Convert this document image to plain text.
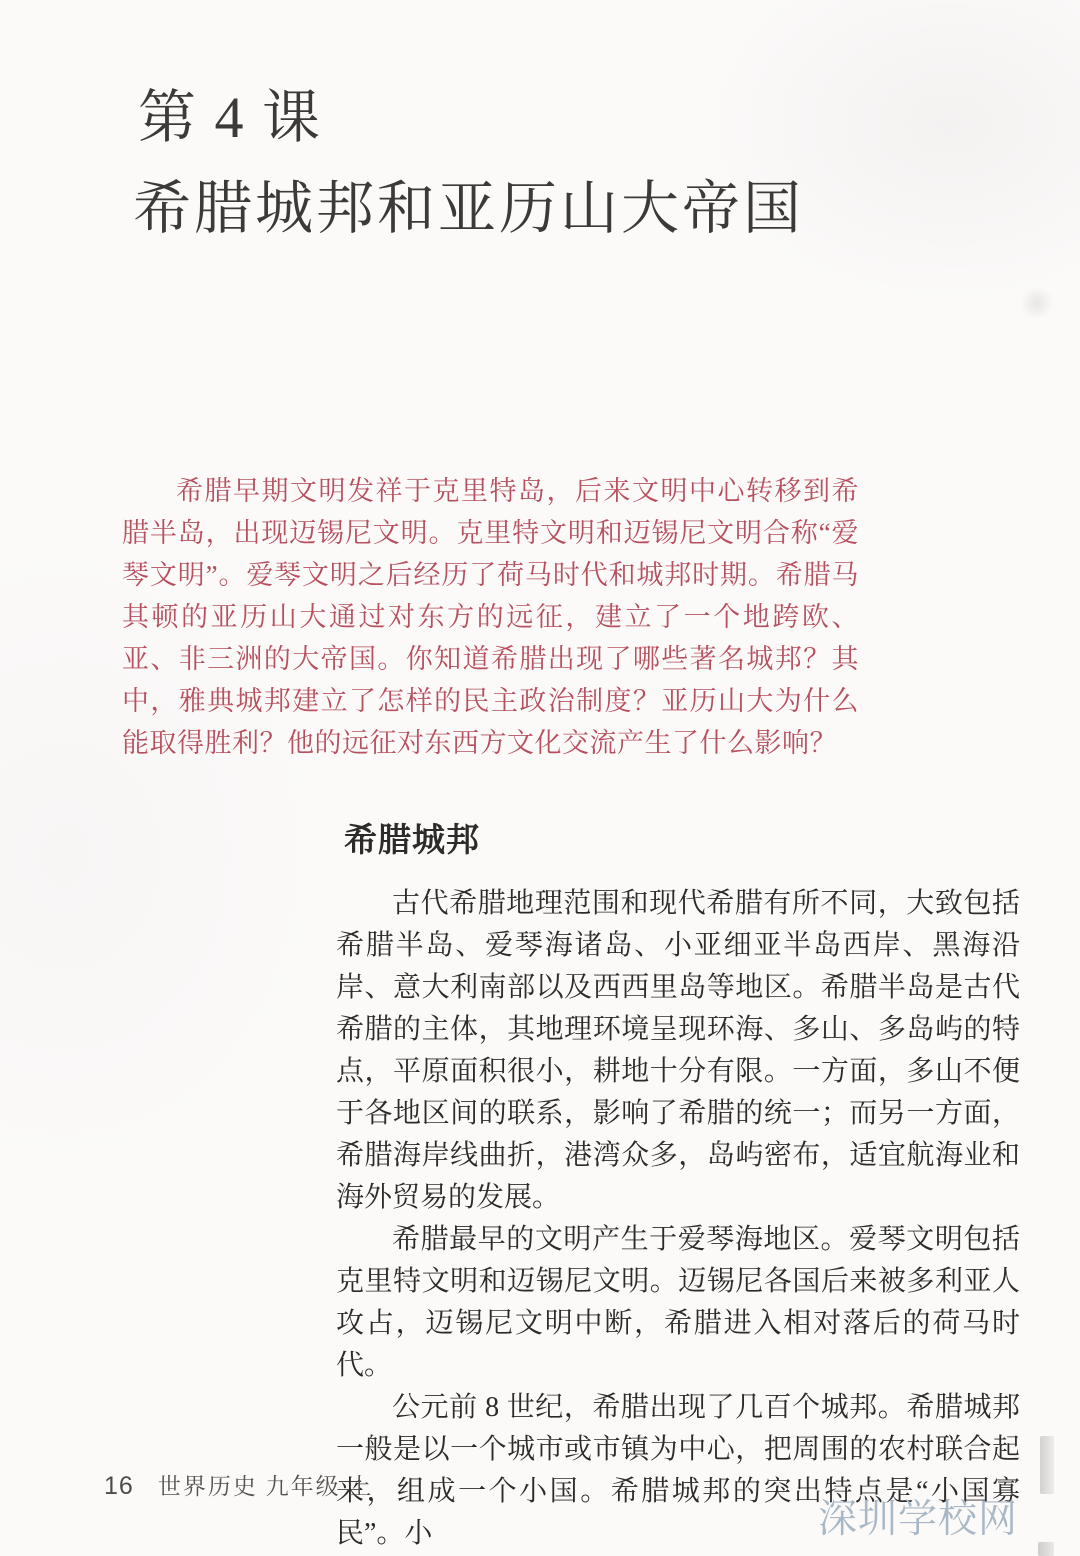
第 4 课
希腊城邦和亚历山大帝国

希腊早期文明发祥于克里特岛，后来文明中心转移到希腊半岛，出现迈锡尼文明。克里特文明和迈锡尼文明合称“爱琴文明”。爱琴文明之后经历了荷马时代和城邦时期。希腊马其顿的亚历山大通过对东方的远征，建立了一个地跨欧、亚、非三洲的大帝国。你知道希腊出现了哪些著名城邦？其中，雅典城邦建立了怎样的民主政治制度？亚历山大为什么能取得胜利？他的远征对东西方文化交流产生了什么影响？

希腊城邦

古代希腊地理范围和现代希腊有所不同，大致包括希腊半岛、爱琴海诸岛、小亚细亚半岛西岸、黑海沿岸、意大利南部以及西西里岛等地区。希腊半岛是古代希腊的主体，其地理环境呈现环海、多山、多岛屿的特点，平原面积很小，耕地十分有限。一方面，多山不便于各地区间的联系，影响了希腊的统一；而另一方面，希腊海岸线曲折，港湾众多，岛屿密布，适宜航海业和海外贸易的发展。

希腊最早的文明产生于爱琴海地区。爱琴文明包括克里特文明和迈锡尼文明。迈锡尼各国后来被多利亚人攻占，迈锡尼文明中断，希腊进入相对落后的荷马时代。

公元前 8 世纪，希腊出现了几百个城邦。希腊城邦一般是以一个城市或市镇为中心，把周围的农村联合起来，组成一个小国。希腊城邦的突出特点是“小国寡民”。小

16 世界历史 九年级 上
深圳学校网
